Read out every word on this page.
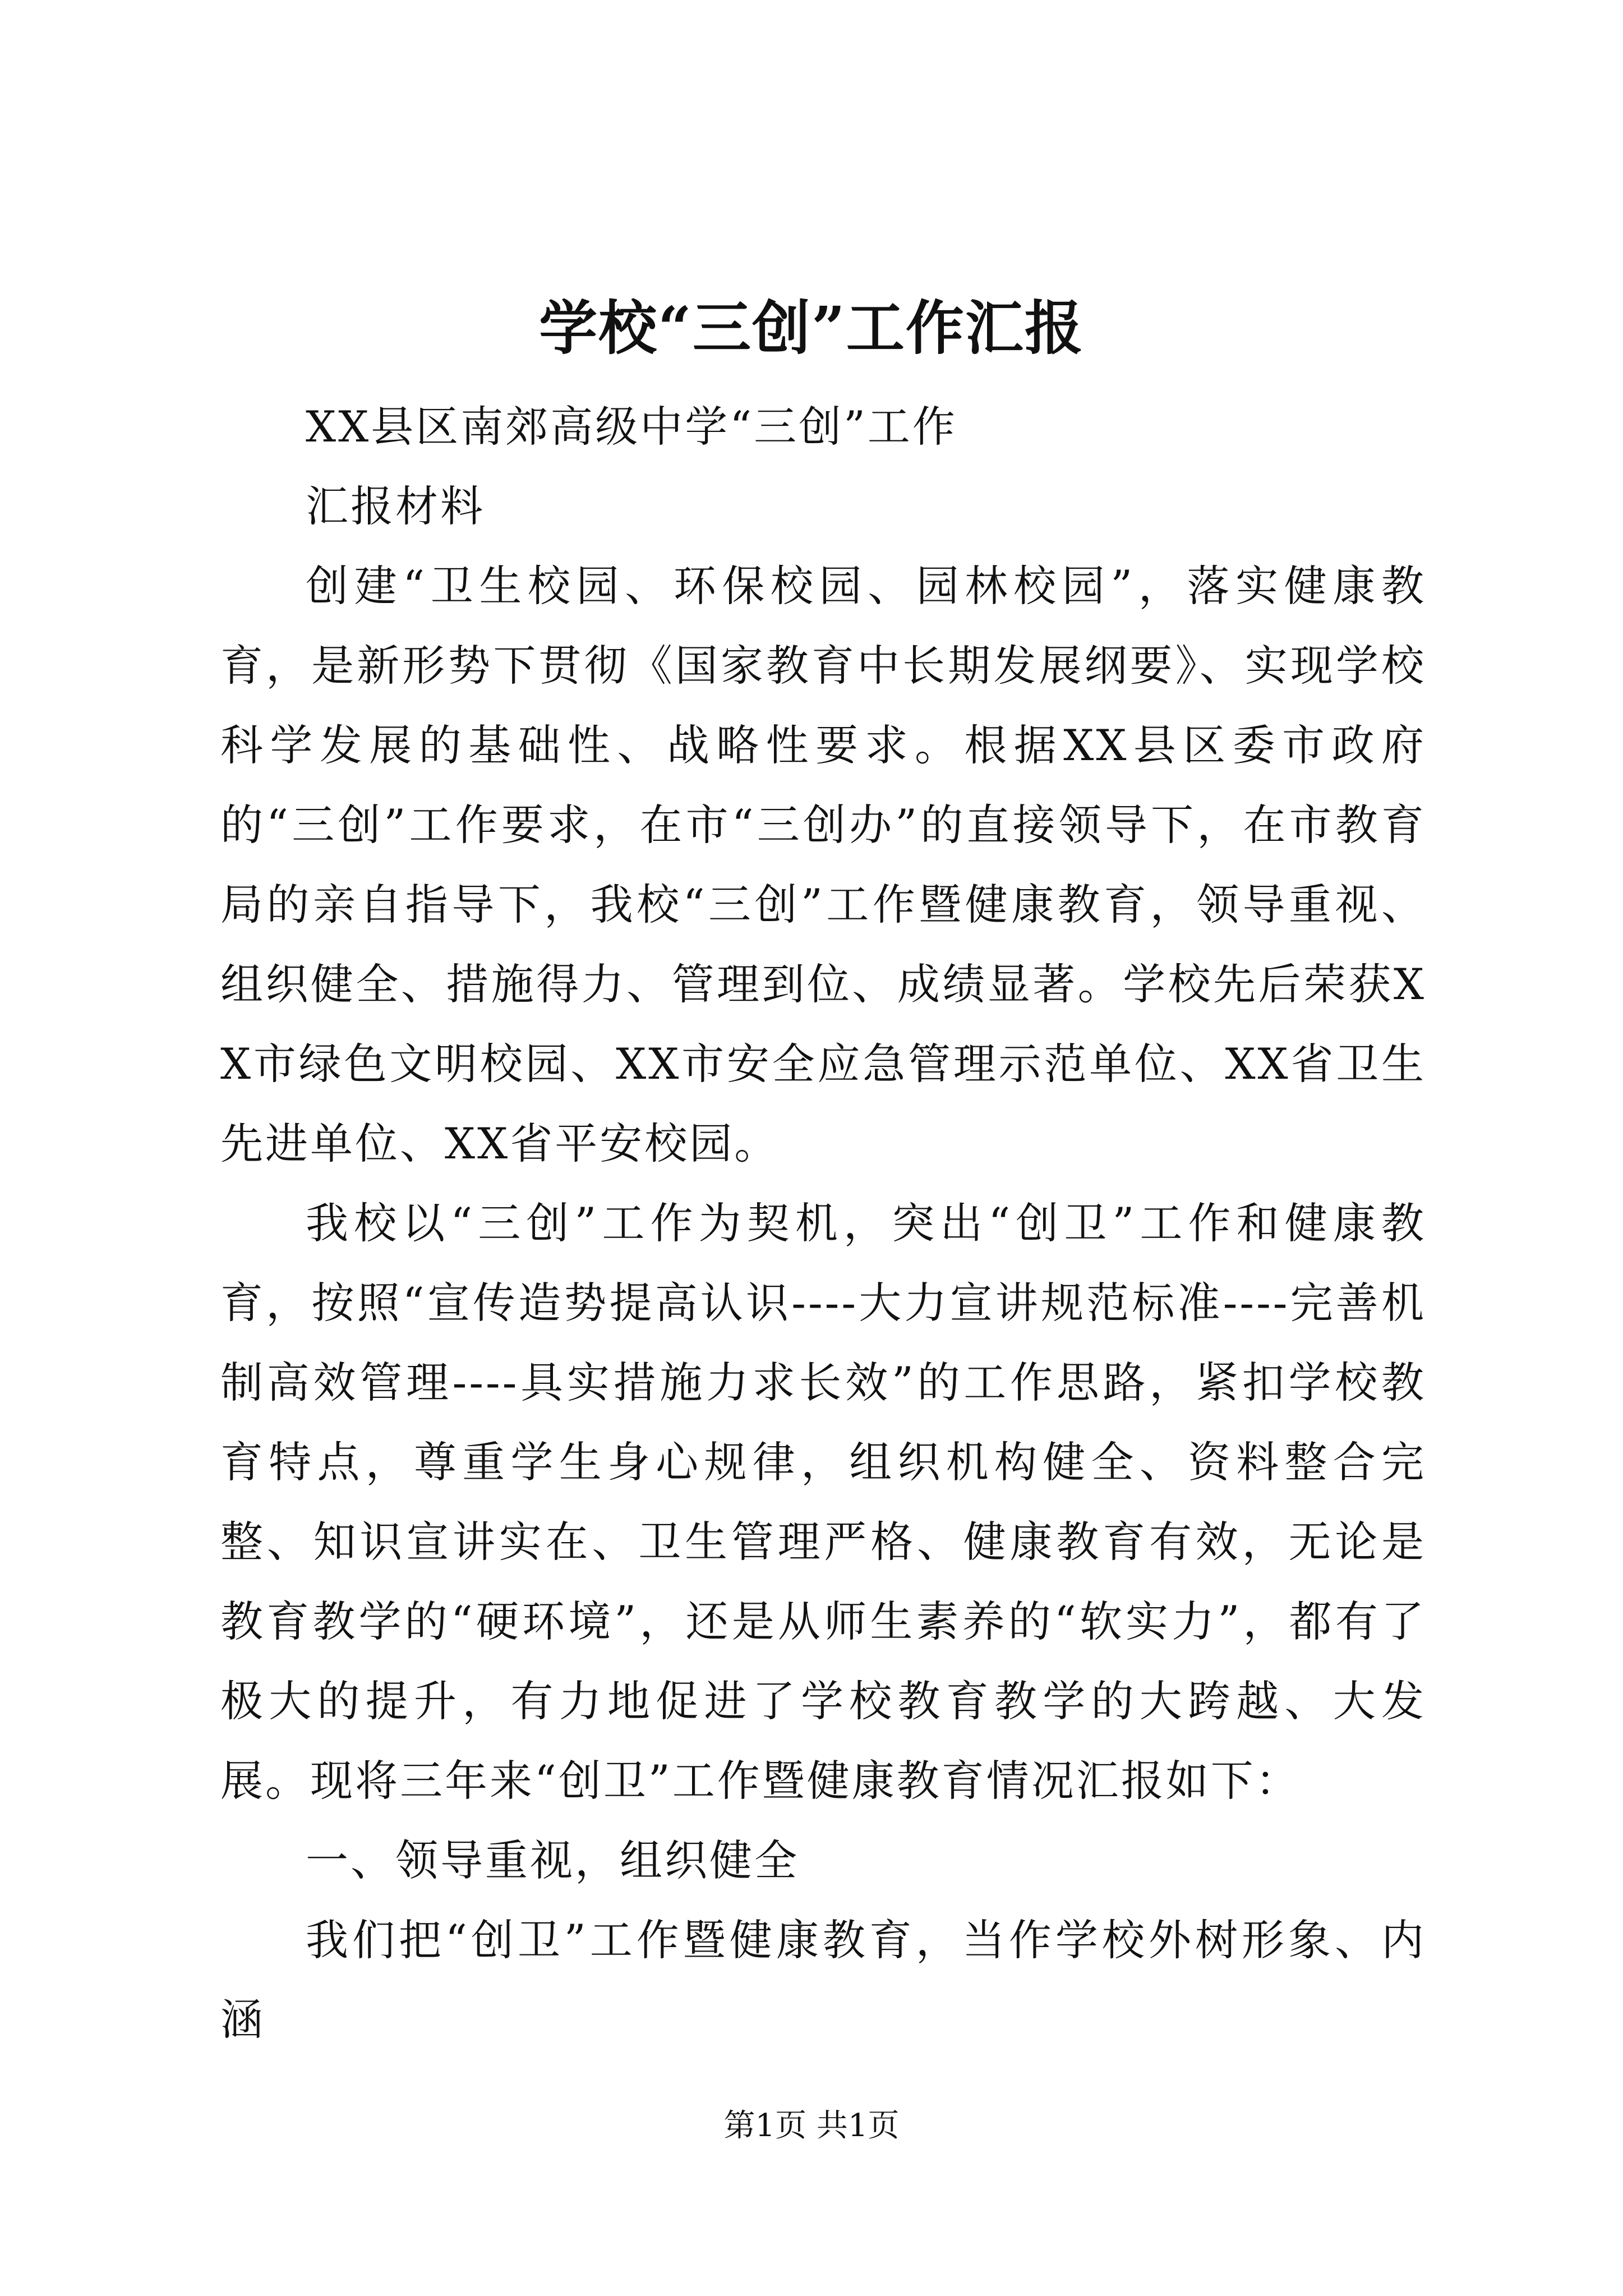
学校“三创”工作汇报

XX县区南郊高级中学“三创”工作

汇报材料

创建“卫生校园、环保校园、园林校园”，落实健康教育，是新形势下贯彻《国家教育中长期发展纲要》、实现学校科学发展的基础性、战略性要求。根据XX县区委市政府的“三创”工作要求，在市“三创办”的直接领导下，在市教育局的亲自指导下，我校“三创”工作暨健康教育，领导重视、组织健全、措施得力、管理到位、成绩显著。学校先后荣获XX市绿色文明校园、XX市安全应急管理示范单位、XX省卫生先进单位、XX省平安校园。

我校以“三创”工作为契机，突出“创卫”工作和健康教育，按照“宣传造势提高认识----大力宣讲规范标准----完善机制高效管理----具实措施力求长效”的工作思路，紧扣学校教育特点，尊重学生身心规律，组织机构健全、资料整合完整、知识宣讲实在、卫生管理严格、健康教育有效，无论是教育教学的“硬环境”，还是从师生素养的“软实力”，都有了极大的提升，有力地促进了学校教育教学的大跨越、大发展。现将三年来“创卫”工作暨健康教育情况汇报如下：

一、领导重视，组织健全

我们把“创卫”工作暨健康教育，当作学校外树形象、内涵

第1页 共1页
